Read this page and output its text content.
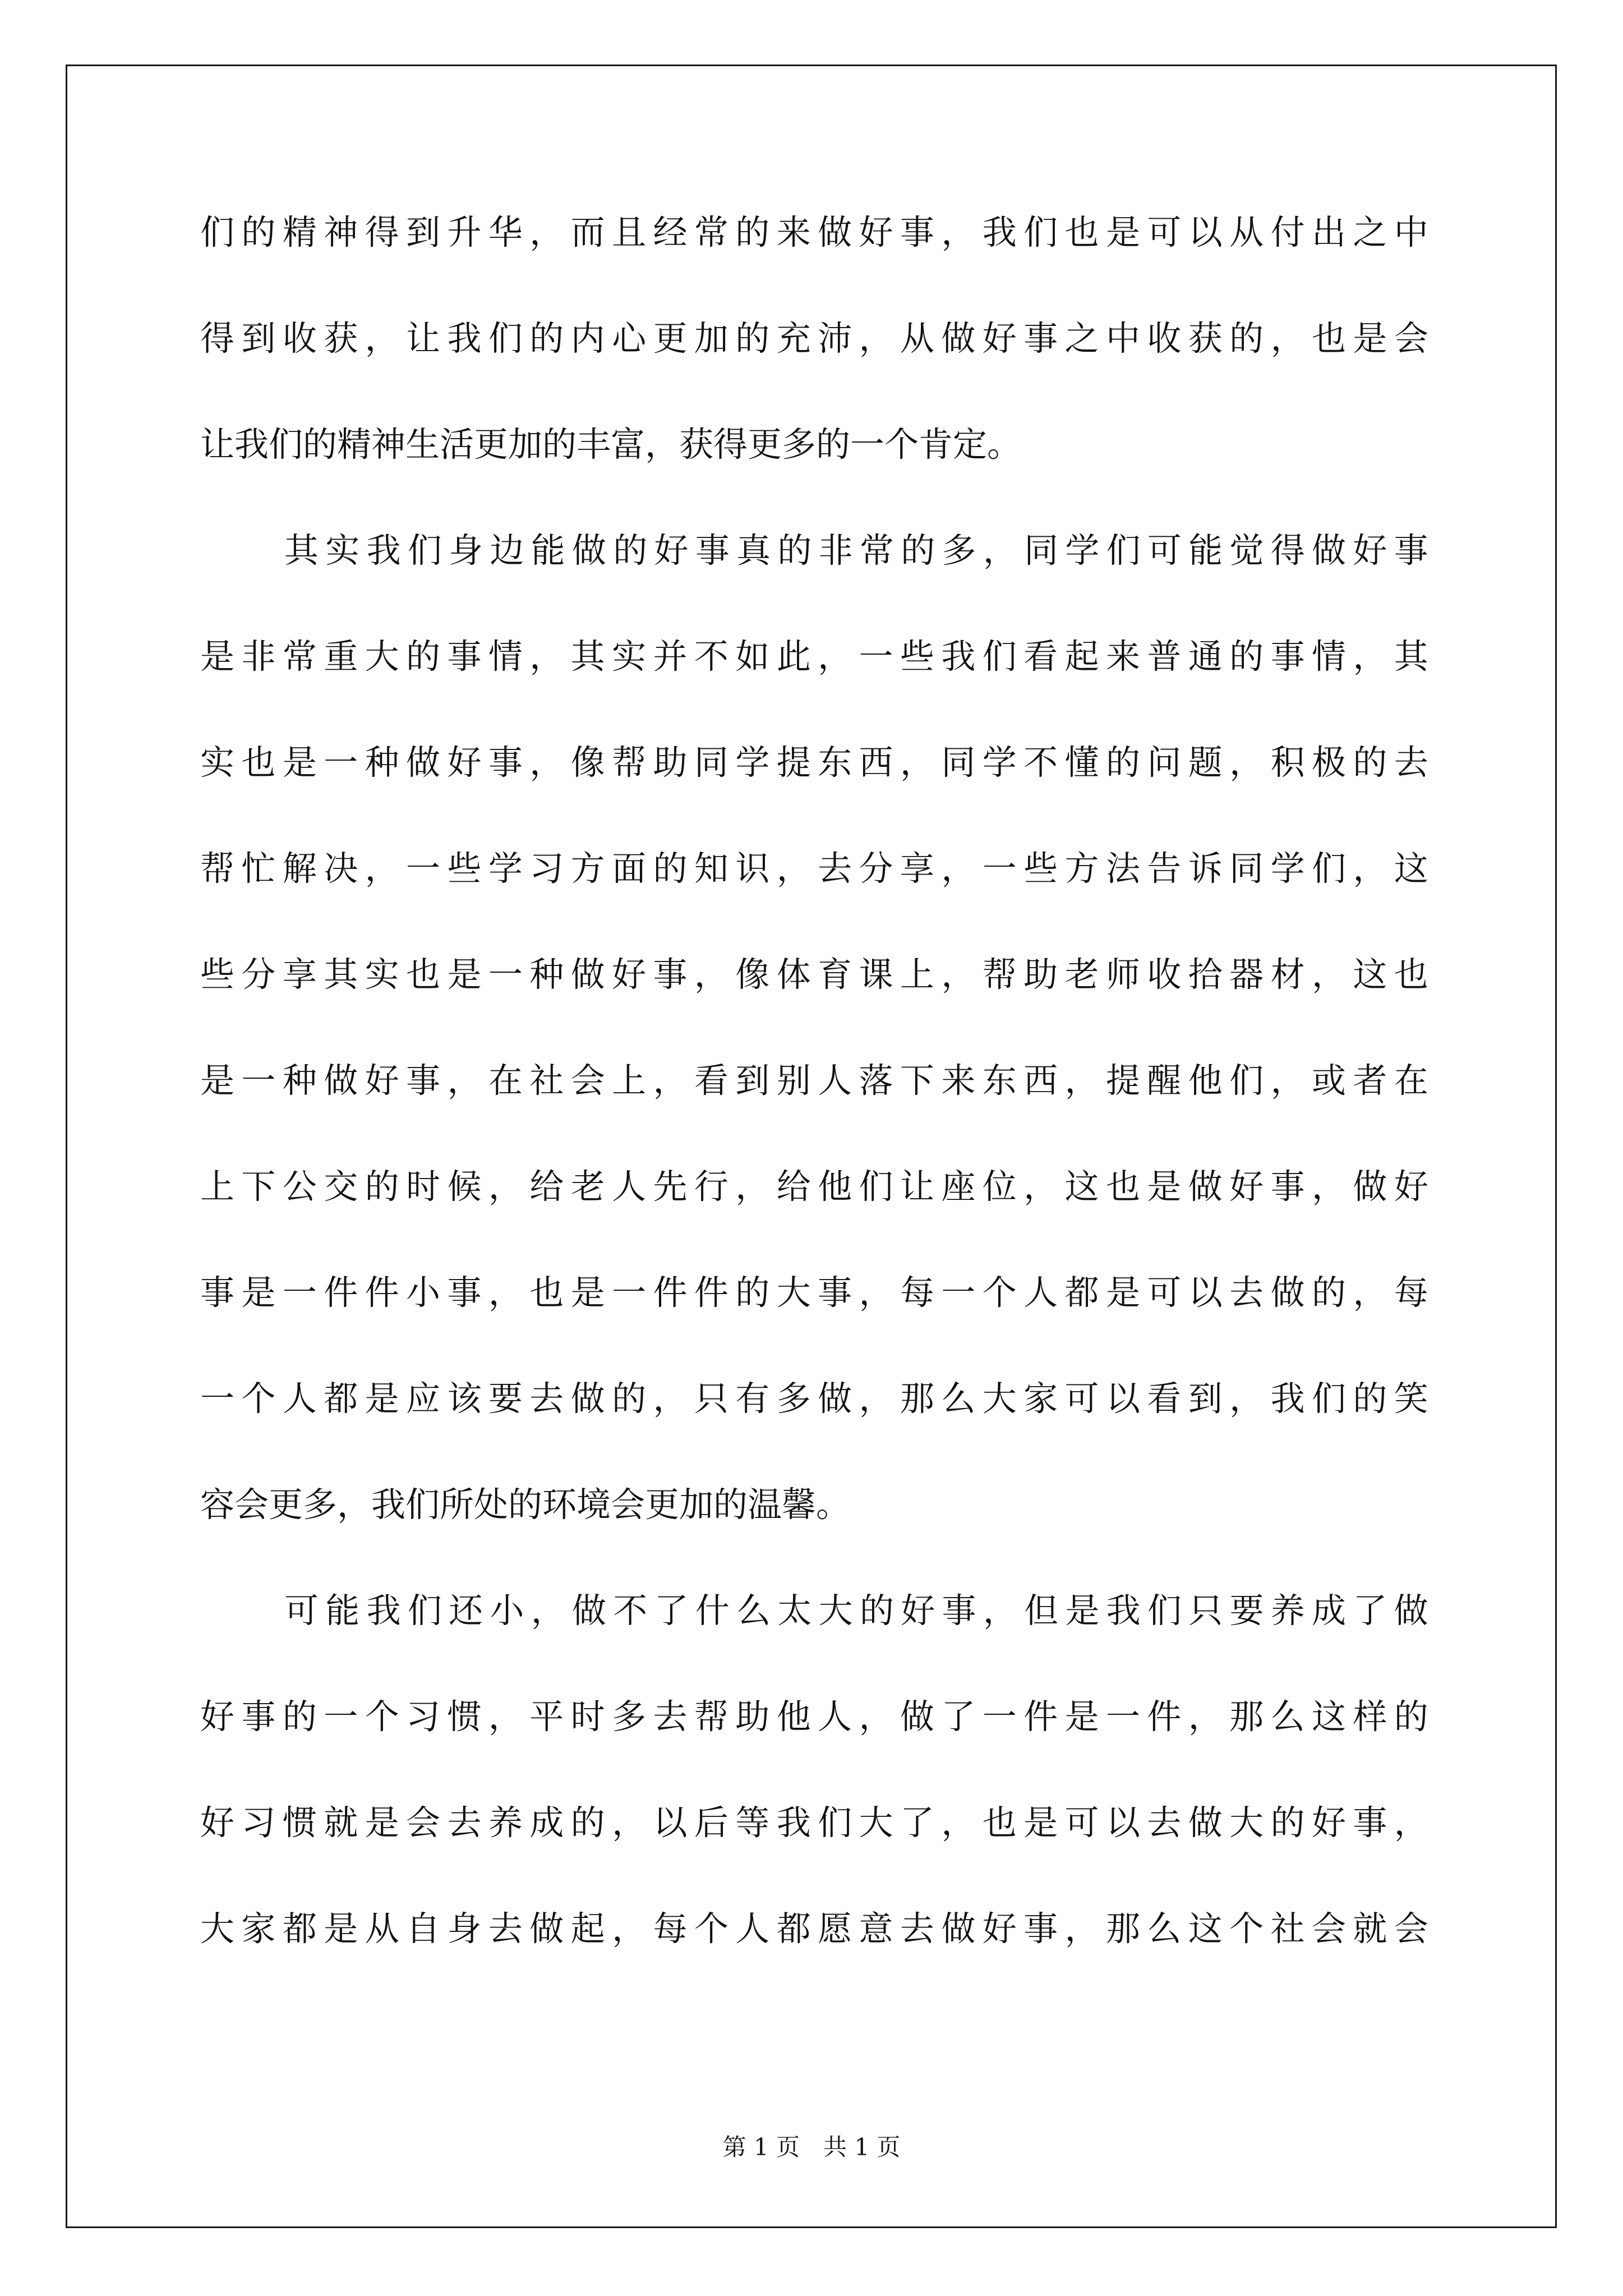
们 的 精 神 得 到 升 华 ， 而 且 经 常 的 来 做 好 事 ， 我 们 也 是 可 以 从 付 出 之 中
得 到 收 获 ， 让 我 们 的 内 心 更 加 的 充 沛 ， 从 做 好 事 之 中 收 获 的 ， 也 是 会
让我们的精神生活更加的丰富，获得更多的一个肯定。
其 实 我 们 身 边 能 做 的 好 事 真 的 非 常 的 多 ， 同 学 们 可 能 觉 得 做 好 事
是 非 常 重 大 的 事 情 ， 其 实 并 不 如 此 ， 一 些 我 们 看 起 来 普 通 的 事 情 ， 其
实 也 是 一 种 做 好 事 ， 像 帮 助 同 学 提 东 西 ， 同 学 不 懂 的 问 题 ， 积 极 的 去
帮 忙 解 决 ， 一 些 学 习 方 面 的 知 识 ， 去 分 享 ， 一 些 方 法 告 诉 同 学 们 ， 这
些 分 享 其 实 也 是 一 种 做 好 事 ， 像 体 育 课 上 ， 帮 助 老 师 收 拾 器 材 ， 这 也
是 一 种 做 好 事 ， 在 社 会 上 ， 看 到 别 人 落 下 来 东 西 ， 提 醒 他 们 ， 或 者 在
上 下 公 交 的 时 候 ， 给 老 人 先 行 ， 给 他 们 让 座 位 ， 这 也 是 做 好 事 ， 做 好
事 是 一 件 件 小 事 ， 也 是 一 件 件 的 大 事 ， 每 一 个 人 都 是 可 以 去 做 的 ， 每
一 个 人 都 是 应 该 要 去 做 的 ， 只 有 多 做 ， 那 么 大 家 可 以 看 到 ， 我 们 的 笑
容会更多，我们所处的环境会更加的温馨。
可 能 我 们 还 小 ， 做 不 了 什 么 太 大 的 好 事 ， 但 是 我 们 只 要 养 成 了 做
好 事 的 一 个 习 惯 ， 平 时 多 去 帮 助 他 人 ， 做 了 一 件 是 一 件 ， 那 么 这 样 的
好 习 惯 就 是 会 去 养 成 的 ， 以 后 等 我 们 大 了 ， 也 是 可 以 去 做 大 的 好 事 ，
大 家 都 是 从 自 身 去 做 起 ， 每 个 人 都 愿 意 去 做 好 事 ， 那 么 这 个 社 会 就 会
第 1 页　共 1 页
